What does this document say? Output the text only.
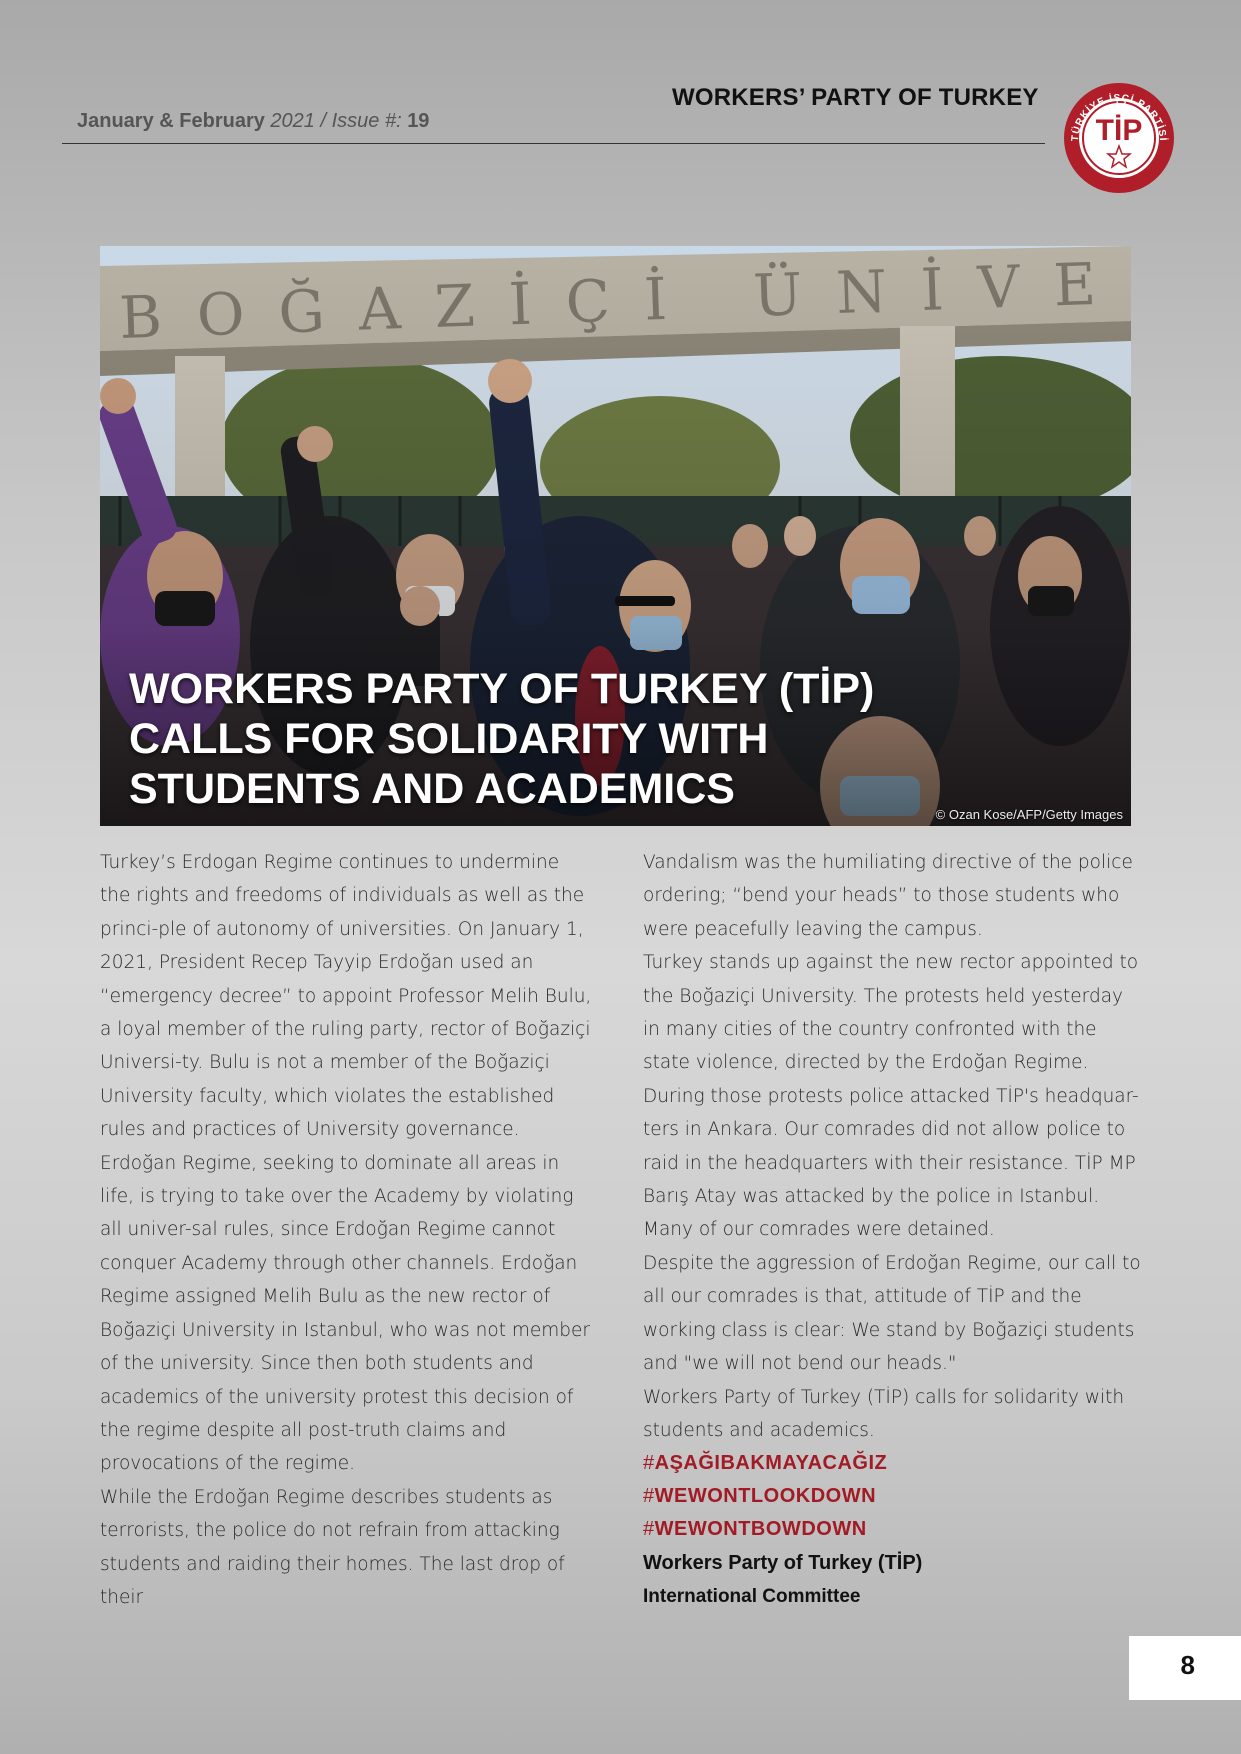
WORKERS’ PARTY OF TURKEY
January & February 2021 / Issue #: 19
TÜRKİYE İŞÇİ PARTİSİ
TİP
WORKERS PARTY OF TURKEY (TİP)
CALLS FOR SOLIDARITY WITH
STUDENTS AND ACADEMICS
© Ozan Kose/AFP/Getty Images

Turkey’s Erdogan Regime continues to undermine the rights and freedoms of individuals as well as the princi-ple of autonomy of universities. On January 1, 2021, President Recep Tayyip Erdoğan used an “emergency decree” to appoint Professor Melih Bulu, a loyal member of the ruling party, rector of Boğaziçi Universi-ty. Bulu is not a member of the Boğaziçi University faculty, which violates the established rules and practices of University governance.

Erdoğan Regime, seeking to dominate all areas in life, is trying to take over the Academy by violating all univer-sal rules, since Erdoğan Regime cannot conquer Academy through other channels. Erdoğan Regime assigned Melih Bulu as the new rector of Boğaziçi University in Istanbul, who was not member of the university. Since then both students and academics of the university protest this decision of the regime despite all post-truth claims and provocations of the regime.

While the Erdoğan Regime describes students as terrorists, the police do not refrain from attacking students and raiding their homes. The last drop of their

Vandalism was the humiliating directive of the police ordering; “bend your heads” to those students who were peacefully leaving the campus.

Turkey stands up against the new rector appointed to the Boğaziçi University. The protests held yesterday in many cities of the country confronted with the state violence, directed by the Erdoğan Regime.

During those protests police attacked TİP's headquar-ters in Ankara. Our comrades did not allow police to raid in the headquarters with their resistance. TİP MP Barış Atay was attacked by the police in Istanbul. Many of our comrades were detained.

Despite the aggression of Erdoğan Regime, our call to all our comrades is that, attitude of TİP and the working class is clear: We stand by Boğaziçi students and "we will not bend our heads."

Workers Party of Turkey (TİP) calls for solidarity with students and academics.

#AŞAĞIBAKMAYACAĞIZ
#WEWONTLOOKDOWN
#WEWONTBOWDOWN
Workers Party of Turkey (TİP)
International Committee
8
